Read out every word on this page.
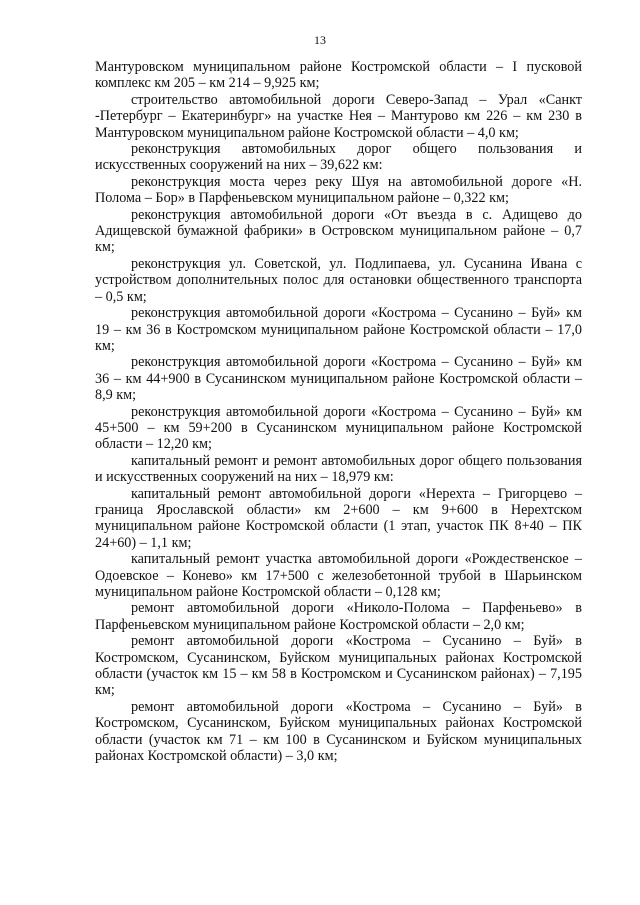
13

Мантуровском муниципальном районе Костромской области – I пусковой комплекс км 205 – км 214 – 9,925 км;

строительство автомобильной дороги Северо-Запад – Урал «Санкт -Петербург – Екатеринбург» на участке Нея – Мантурово км 226 – км 230 в Мантуровском муниципальном районе Костромской области – 4,0 км;

реконструкция автомобильных дорог общего пользования и искусственных сооружений на них – 39,622 км:

реконструкция моста через реку Шуя на автомобильной дороге «Н. Полома – Бор» в Парфеньевском муниципальном районе – 0,322 км;

реконструкция автомобильной дороги «От въезда в с. Адищево до Адищевской бумажной фабрики» в Островском муниципальном районе – 0,7 км;

реконструкция ул. Советской, ул. Подлипаева, ул. Сусанина Ивана с устройством дополнительных полос для остановки общественного транспорта – 0,5 км;

реконструкция автомобильной дороги «Кострома – Сусанино – Буй» км 19 – км 36 в Костромском муниципальном районе Костромской области – 17,0 км;

реконструкция автомобильной дороги «Кострома – Сусанино – Буй» км 36 – км 44+900 в Сусанинском муниципальном районе Костромской области – 8,9 км;

реконструкция автомобильной дороги «Кострома – Сусанино – Буй» км 45+500 – км 59+200 в Сусанинском муниципальном районе Костромской области – 12,20 км;

капитальный ремонт и ремонт автомобильных дорог общего пользования и искусственных сооружений на них – 18,979 км:

капитальный ремонт автомобильной дороги «Нерехта – Григорцево – граница Ярославской области» км 2+600 – км 9+600 в Нерехтском муниципальном районе Костромской области (1 этап, участок ПК 8+40 – ПК 24+60) – 1,1 км;

капитальный ремонт участка автомобильной дороги «Рождественское – Одоевское – Конево» км 17+500 с железобетонной трубой в Шарьинском муниципальном районе Костромской области – 0,128 км;

ремонт автомобильной дороги «Николо-Полома – Парфеньево» в Парфеньевском муниципальном районе Костромской области – 2,0 км;

ремонт автомобильной дороги «Кострома – Сусанино – Буй» в Костромском, Сусанинском, Буйском муниципальных районах Костромской области (участок км 15 – км 58 в Костромском и Сусанинском районах) – 7,195 км;

ремонт автомобильной дороги «Кострома – Сусанино – Буй» в Костромском, Сусанинском, Буйском муниципальных районах Костромской области (участок км 71 – км 100 в Сусанинском и Буйском муниципальных районах Костромской области) – 3,0 км;
